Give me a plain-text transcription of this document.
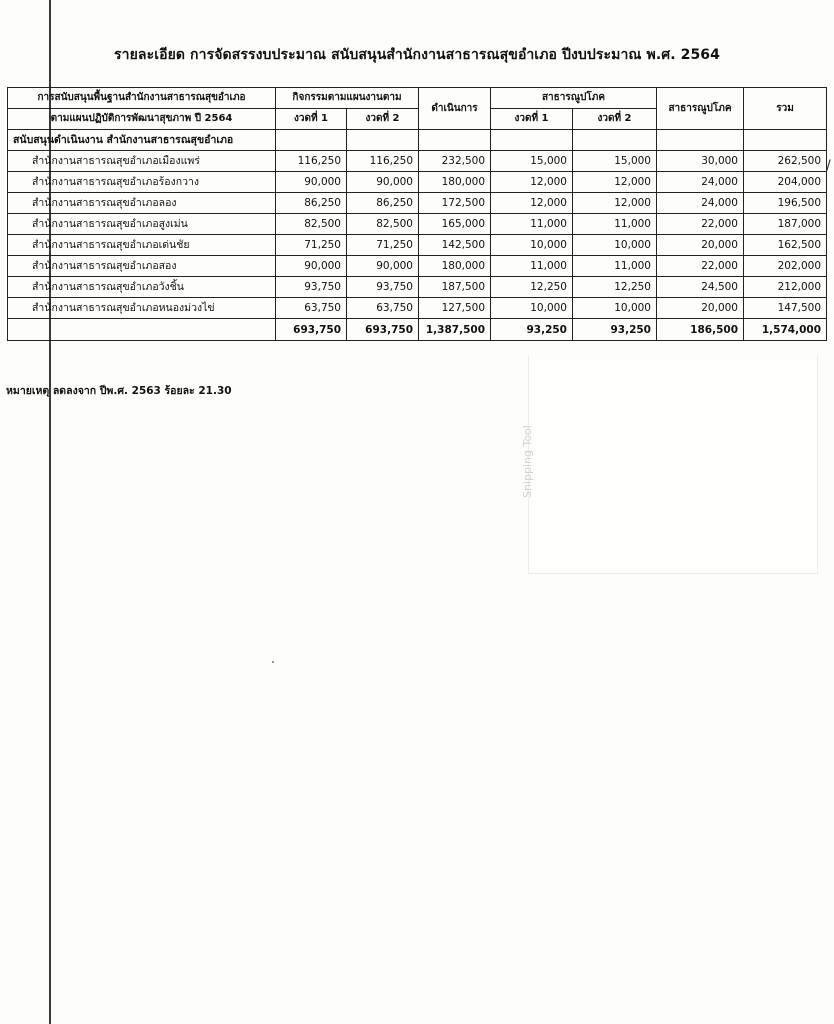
รายละเอียด การจัดสรรงบประมาณ สนับสนุนสำนักงานสาธารณสุขอำเภอ ปีงบประมาณ พ.ศ. 2564
การสนับสนุนพื้นฐานสำนักงานสาธารณสุขอำเภอ	กิจกรรมตามแผนงานตาม		ดำเนินการ	สาธารณูปโภค		สาธารณูปโภค	รวม
ตามแผนปฏิบัติการพัฒนาสุขภาพ ปี 2564	งวดที่ 1	งวดที่ 2		งวดที่ 1	งวดที่ 2		
สนับสนุนดำเนินงาน สำนักงานสาธารณสุขอำเภอ							
สำนักงานสาธารณสุขอำเภอเมืองแพร่	116,250	116,250	232,500	15,000	15,000	30,000	262,500
สำนักงานสาธารณสุขอำเภอร้องกวาง	90,000	90,000	180,000	12,000	12,000	24,000	204,000
สำนักงานสาธารณสุขอำเภอลอง	86,250	86,250	172,500	12,000	12,000	24,000	196,500
สำนักงานสาธารณสุขอำเภอสูงเม่น	82,500	82,500	165,000	11,000	11,000	22,000	187,000
สำนักงานสาธารณสุขอำเภอเด่นชัย	71,250	71,250	142,500	10,000	10,000	20,000	162,500
สำนักงานสาธารณสุขอำเภอสอง	90,000	90,000	180,000	11,000	11,000	22,000	202,000
สำนักงานสาธารณสุขอำเภอวังชิ้น	93,750	93,750	187,500	12,250	12,250	24,500	212,000
สำนักงานสาธารณสุขอำเภอหนองม่วงไข่	63,750	63,750	127,500	10,000	10,000	20,000	147,500
	693,750	693,750	1,387,500	93,250	93,250	186,500	1,574,000
หมายเหตุ ลดลงจาก ปีพ.ศ. 2563 ร้อยละ 21.30
Snipping Tool
/
